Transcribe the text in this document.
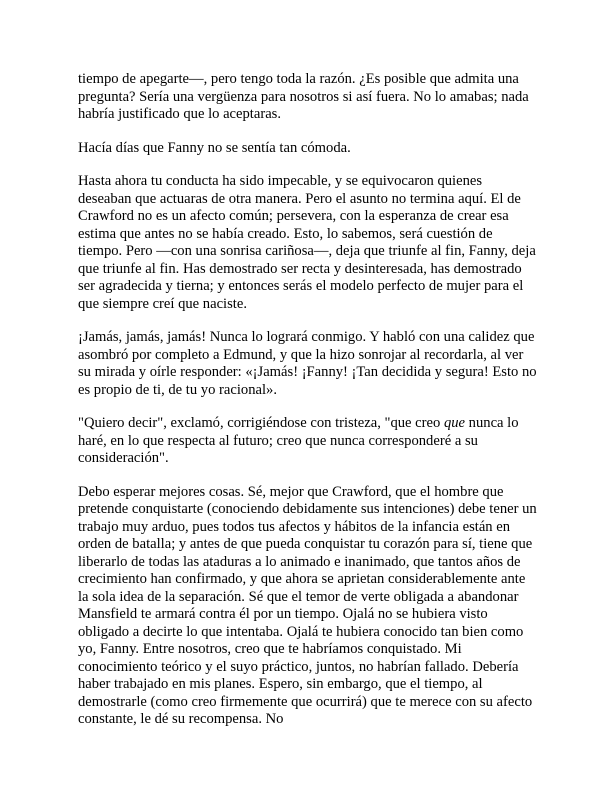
tiempo de apegarte—, pero tengo toda la razón. ¿Es posible que admita una pregunta? Sería una vergüenza para nosotros si así fuera. No lo amabas; nada habría justificado que lo aceptaras.

Hacía días que Fanny no se sentía tan cómoda.

Hasta ahora tu conducta ha sido impecable, y se equivocaron quienes deseaban que actuaras de otra manera. Pero el asunto no termina aquí. El de Crawford no es un afecto común; persevera, con la esperanza de crear esa estima que antes no se había creado. Esto, lo sabemos, será cuestión de tiempo. Pero —con una sonrisa cariñosa—, deja que triunfe al fin, Fanny, deja que triunfe al fin. Has demostrado ser recta y desinteresada, has demostrado ser agradecida y tierna; y entonces serás el modelo perfecto de mujer para el que siempre creí que naciste.

¡Jamás, jamás, jamás! Nunca lo logrará conmigo. Y habló con una calidez que asombró por completo a Edmund, y que la hizo sonrojar al recordarla, al ver su mirada y oírle responder: «¡Jamás! ¡Fanny! ¡Tan decidida y segura! Esto no es propio de ti, de tu yo racional».

"Quiero decir", exclamó, corrigiéndose con tristeza, "que creo que nunca lo haré, en lo que respecta al futuro; creo que nunca corresponderé a su consideración".

Debo esperar mejores cosas. Sé, mejor que Crawford, que el hombre que pretende conquistarte (conociendo debidamente sus intenciones) debe tener un trabajo muy arduo, pues todos tus afectos y hábitos de la infancia están en orden de batalla; y antes de que pueda conquistar tu corazón para sí, tiene que liberarlo de todas las ataduras a lo animado e inanimado, que tantos años de crecimiento han confirmado, y que ahora se aprietan considerablemente ante la sola idea de la separación. Sé que el temor de verte obligada a abandonar Mansfield te armará contra él por un tiempo. Ojalá no se hubiera visto obligado a decirte lo que intentaba. Ojalá te hubiera conocido tan bien como yo, Fanny. Entre nosotros, creo que te habríamos conquistado. Mi conocimiento teórico y el suyo práctico, juntos, no habrían fallado. Debería haber trabajado en mis planes. Espero, sin embargo, que el tiempo, al demostrarle (como creo firmemente que ocurrirá) que te merece con su afecto constante, le dé su recompensa. No
